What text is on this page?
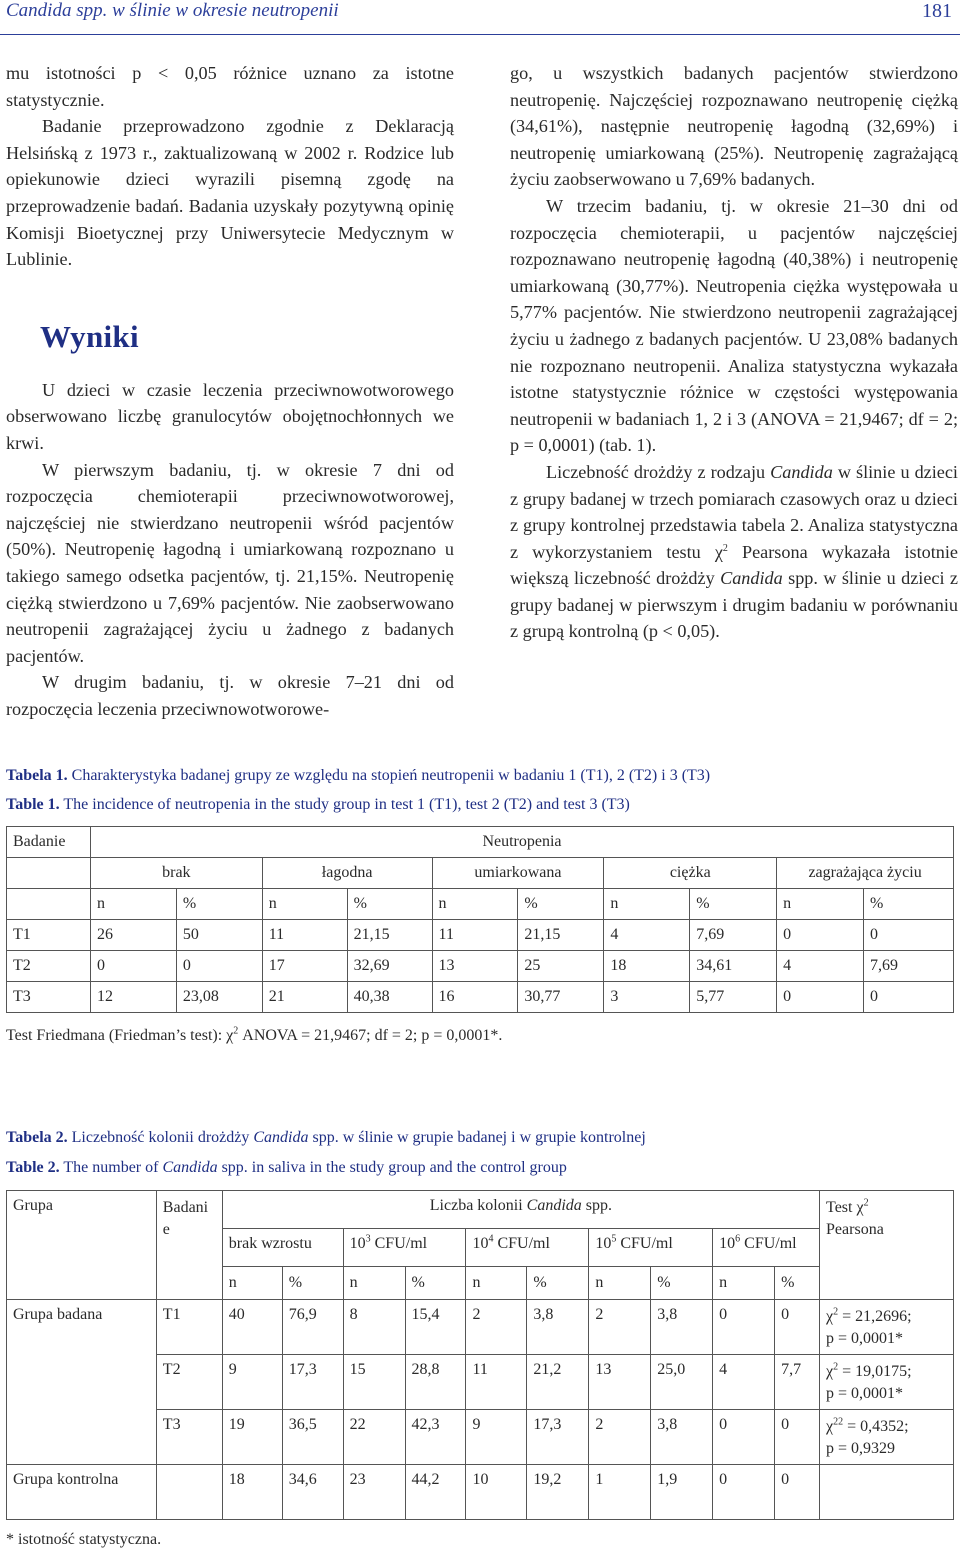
Candida spp. w ślinie w okresie neutropenii	181

mu istotności p < 0,05 różnice uznano za istotne statystycznie.

Badanie przeprowadzono zgodnie z Deklaracją Helsińską z 1973 r., zaktualizowaną w 2002 r. Rodzice lub opiekunowie dzieci wyrazili pisemną zgodę na przeprowadzenie badań. Badania uzyskały pozytywną opinię Komisji Bioetycznej przy Uniwersytecie Medycznym w Lublinie.

Wyniki

U dzieci w czasie leczenia przeciwnowotworowego obserwowano liczbę granulocytów obojętnochłonnych we krwi.

W pierwszym badaniu, tj. w okresie 7 dni od rozpoczęcia chemioterapii przeciwnowotworowej, najczęściej nie stwierdzano neutropenii wśród pacjentów (50%). Neutropenię łagodną i umiarkowaną rozpoznano u takiego samego odsetka pacjentów, tj. 21,15%. Neutropenię ciężką stwierdzono u 7,69% pacjentów. Nie zaobserwowano neutropenii zagrażającej życiu u żadnego z badanych pacjentów.

W drugim badaniu, tj. w okresie 7–21 dni od rozpoczęcia leczenia przeciwnowotworowe-

go, u wszystkich badanych pacjentów stwierdzono neutropenię. Najczęściej rozpoznawano neutropenię ciężką (34,61%), następnie neutropenię łagodną (32,69%) i neutropenię umiarkowaną (25%). Neutropenię zagrażającą życiu zaobserwowano u 7,69% badanych.

W trzecim badaniu, tj. w okresie 21–30 dni od rozpoczęcia chemioterapii, u pacjentów najczęściej rozpoznawano neutropenię łagodną (40,38%) i neutropenię umiarkowaną (30,77%). Neutropenia ciężka występowała u 5,77% pacjentów. Nie stwierdzono neutropenii zagrażającej życiu u żadnego z badanych pacjentów. U 23,08% badanych nie rozpoznano neutropenii. Analiza statystyczna wykazała istotne statystycznie różnice w częstości występowania neutropenii w badaniach 1, 2 i 3 (ANOVA = 21,9467; df = 2; p = 0,0001) (tab. 1).

Liczebność drożdży z rodzaju Candida w ślinie u dzieci z grupy badanej w trzech pomiarach czasowych oraz u dzieci z grupy kontrolnej przedstawia tabela 2. Analiza statystyczna z wykorzystaniem testu $\chi^2$ Pearsona wykazała istotnie większą liczebność drożdży Candida spp. w ślinie u dzieci z grupy badanej w pierwszym i drugim badaniu w porównaniu z grupą kontrolną (p < 0,05).

Tabela 1. Charakterystyka badanej grupy ze względu na stopień neutropenii w badaniu 1 (T1), 2 (T2) i 3 (T3)
Table 1. The incidence of neutropenia in the study group in test 1 (T1), test 2 (T2) and test 3 (T3)
Badanie	Neutropenia									
	brak		łagodna		umiarkowana		ciężka		zagrażająca życiu	
	n	%	n	%	n	%	n	%	n	%
T1	26	50	11	21,15	11	21,15	4	7,69	0	0
T2	0	0	17	32,69	13	25	18	34,61	4	7,69
T3	12	23,08	21	40,38	16	30,77	3	5,77	0	0
Test Friedmana (Friedman’s test): $\chi^2$ ANOVA = 21,9467; df = 2; p = 0,0001*.
Tabela 2. Liczebność kolonii drożdży Candida spp. w ślinie w grupie badanej i w grupie kontrolnej
Table 2. The number of Candida spp. in saliva in the study group and the control group
Grupa	Badanie	Liczba kolonii Candida spp.										Test $\chi^2$
Pearsona
		brak wzrostu		$10^3$ CFU/ml		$10^4$ CFU/ml		$10^5$ CFU/ml		$10^6$ CFU/ml		
		n	%	n	%	n	%	n	%	n	%	
Grupa badana	T1	40	76,9	8	15,4	2	3,8	2	3,8	0	0	$\chi^2 = 21,2696$;
p = 0,0001*
	T2	9	17,3	15	28,8	11	21,2	13	25,0	4	7,7	$\chi^2 = 19,0175$;
p = 0,0001*
	T3	19	36,5	22	42,3	9	17,3	2	3,8	0	0	$\chi^{22} = 0,4352$;
p = 0,9329
Grupa kontrolna		18	34,6	23	44,2	10	19,2	1	1,9	0	0	
* istotność statystyczna.
